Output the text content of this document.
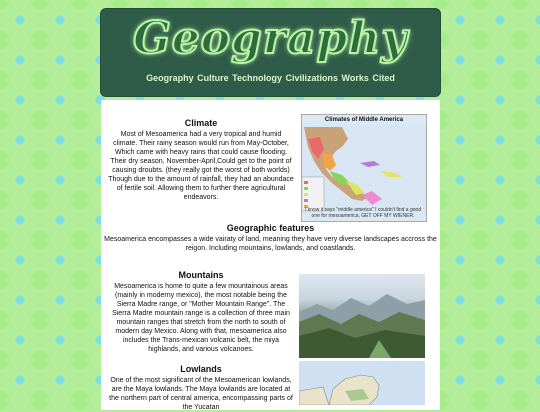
Geography
Geography Culture Technology Civilizations Works Cited
Climate

Most of Mesoamerica had a very tropical and humid climate. Their rainy season would run from May-October, Which came with heavy rains that could cause flooding. Their dry season, November-April,Could get to the point of causing droubts. (they really got the worst of both worlds) Though due to the amount of rainfall, they had an abundace of fertile soil. Allowing them to further there agricultural endeavors.

Climates of Middle America
I know it says "middle america" I couldn't find a good one for mesoamerica, GET OFF MY WIENER.
Geographic features

Mesoamerica encompasses a wide vairaty of land, meaning they have very diverse landscapes accross the reigon. Including mountains, lowlands, and coastlands.

Mountains

Mesoamerica is home to quite a few mountainous areas (mainly in moderny mexico), the most notable being the Sierra Madre range, or "Mother Mountain Range". The Sierra Madre mountain range is a collection of three main mountain ranges that stretch from the north to south of modern day Mexico. Along with that, mesoamerica also includes the Trans-mexican volcanic belt, the miya highlands, and various volcanoes.

Lowlands

One of the most significant of the Mesoamerican lowlands, are the Maya lowlands. The Maya lowlands are located at the northern part of central america, encompassing parts of the Yucatan
